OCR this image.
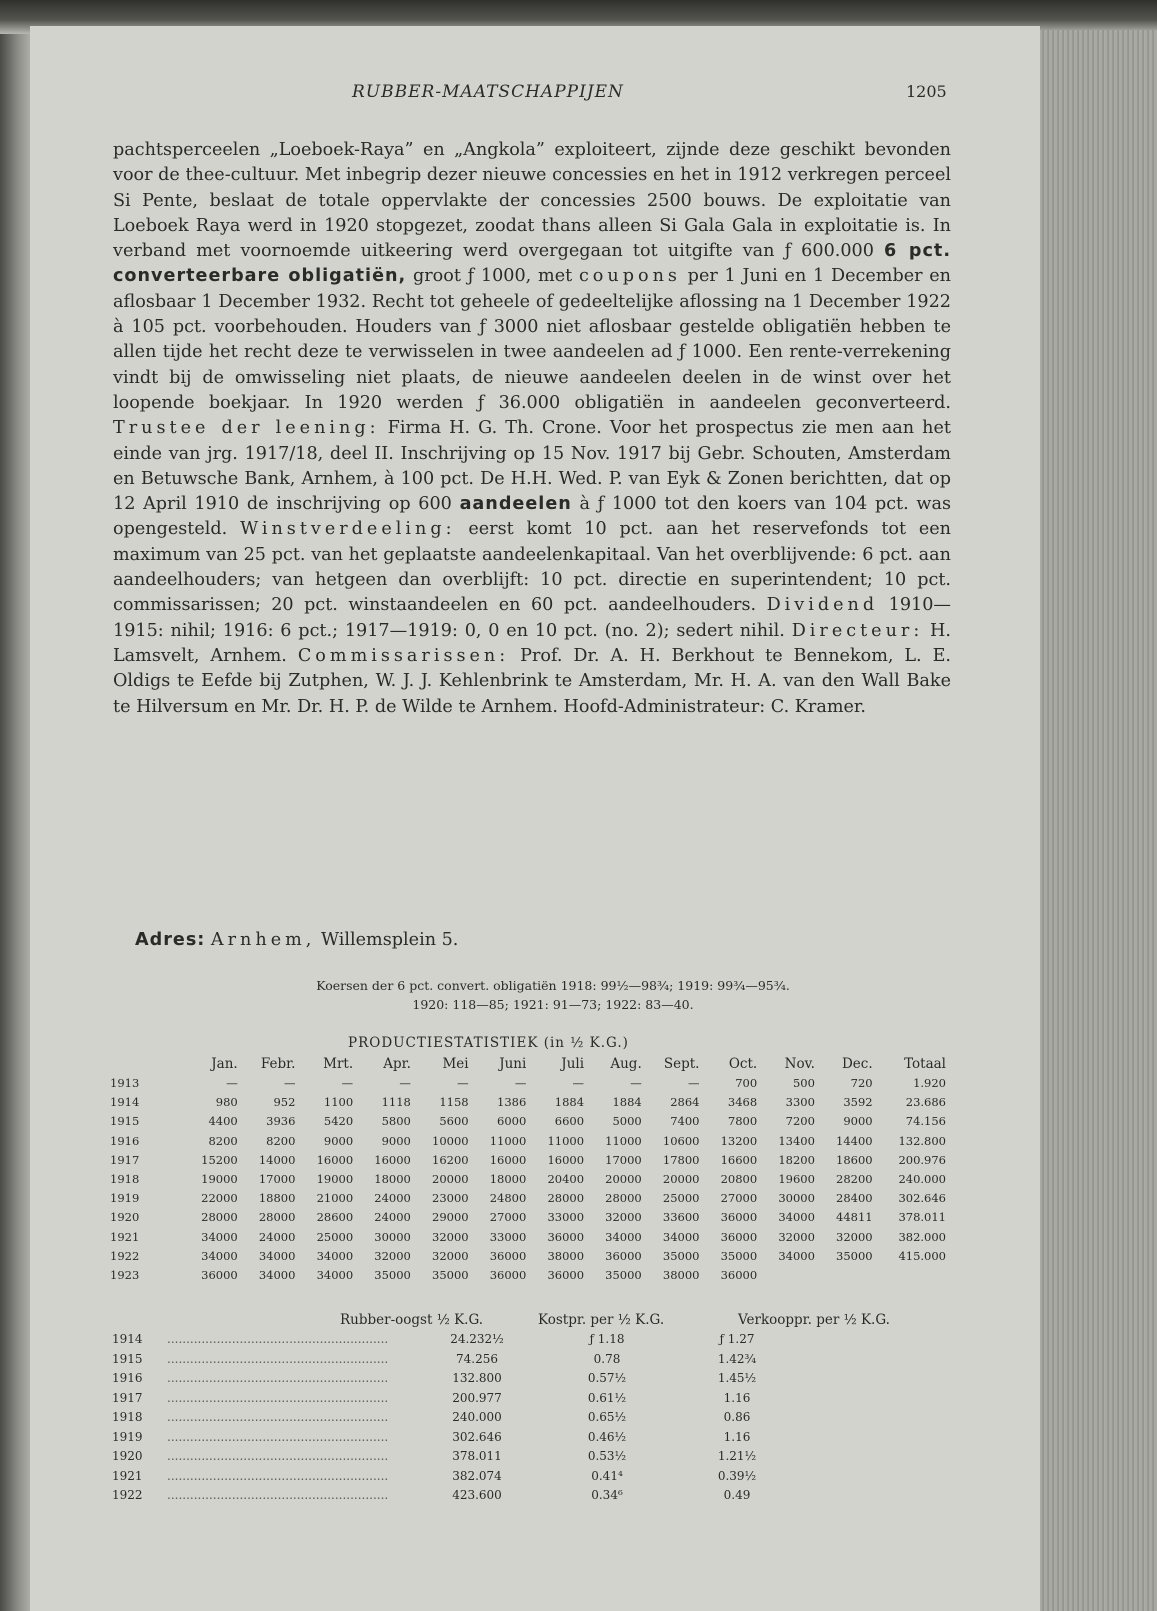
RUBBER-MAATSCHAPPIJEN	1205
pachtsperceelen „Loeboek-Raya” en „Angkola” exploiteert, zijnde deze geschikt bevonden voor de thee-cultuur. Met inbegrip dezer nieuwe concessies en het in 1912 verkregen perceel Si Pente, beslaat de totale oppervlakte der concessies 2500 bouws. De exploitatie van Loeboek Raya werd in 1920 stopgezet, zoodat thans alleen Si Gala Gala in exploitatie is. In verband met voornoemde uitkeering werd overgegaan tot uitgifte van ƒ 600.000 6 pct. converteerbare obligatiën, groot ƒ 1000, met coupons per 1 Juni en 1 December en aflosbaar 1 December 1932. Recht tot geheele of gedeeltelijke aflossing na 1 December 1922 à 105 pct. voorbehouden. Houders van ƒ 3000 niet aflosbaar gestelde obligatiën hebben te allen tijde het recht deze te verwisselen in twee aandeelen ad ƒ 1000. Een rente-verrekening vindt bij de omwisseling niet plaats, de nieuwe aandeelen deelen in de winst over het loopende boekjaar. In 1920 werden ƒ 36.000 obligatiën in aandeelen geconverteerd. Trustee der leening: Firma H. G. Th. Crone. Voor het prospectus zie men aan het einde van jrg. 1917/18, deel II. Inschrijving op 15 Nov. 1917 bij Gebr. Schouten, Amsterdam en Betuwsche Bank, Arnhem, à 100 pct. De H.H. Wed. P. van Eyk & Zonen berichtten, dat op 12 April 1910 de inschrijving op 600 aandeelen à ƒ 1000 tot den koers van 104 pct. was opengesteld. Winstverdeeling: eerst komt 10 pct. aan het reservefonds tot een maximum van 25 pct. van het geplaatste aandeelenkapitaal. Van het overblijvende: 6 pct. aan aandeelhouders; van hetgeen dan overblijft: 10 pct. directie en superintendent; 10 pct. commissarissen; 20 pct. winstaandeelen en 60 pct. aandeelhouders. Dividend 1910—1915: nihil; 1916: 6 pct.; 1917—1919: 0, 0 en 10 pct. (no. 2); sedert nihil. Directeur: H. Lamsvelt, Arnhem. Commissarissen: Prof. Dr. A. H. Berkhout te Bennekom, L. E. Oldigs te Eefde bij Zutphen, W. J. J. Kehlenbrink te Amsterdam, Mr. H. A. van den Wall Bake te Hilversum en Mr. Dr. H. P. de Wilde te Arnhem. Hoofd-Administrateur: C. Kramer.
Adres: Arnhem, Willemsplein 5.
Koersen der 6 pct. convert. obligatiën 1918: 99½—98¾; 1919: 99¾—95¾.
1920: 118—85; 1921: 91—73; 1922: 83—40.
PRODUCTIESTATISTIEK (in ½ K.G.)
	Jan.	Febr.	Mrt.	Apr.	Mei	Juni	Juli	Aug.	Sept.	Oct.	Nov.	Dec.	Totaal
1913	—	—	—	—	—	—	—	—	—	700	500	720	1.920
1914	980	952	1100	1118	1158	1386	1884	1884	2864	3468	3300	3592	23.686
1915	4400	3936	5420	5800	5600	6000	6600	5000	7400	7800	7200	9000	74.156
1916	8200	8200	9000	9000	10000	11000	11000	11000	10600	13200	13400	14400	132.800
1917	15200	14000	16000	16000	16200	16000	16000	17000	17800	16600	18200	18600	200.976
1918	19000	17000	19000	18000	20000	18000	20400	20000	20000	20800	19600	28200	240.000
1919	22000	18800	21000	24000	23000	24800	28000	28000	25000	27000	30000	28400	302.646
1920	28000	28000	28600	24000	29000	27000	33000	32000	33600	36000	34000	44811	378.011
1921	34000	24000	25000	30000	32000	33000	36000	34000	34000	36000	32000	32000	382.000
1922	34000	34000	34000	32000	32000	36000	38000	36000	35000	35000	34000	35000	415.000
1923	36000	34000	34000	35000	35000	36000	36000	35000	38000	36000			
Rubber-oogst ½ K.G.	Kostpr. per ½ K.G.	Verkooppr. per ½ K.G.
1914	..........................................................	24.232½	ƒ 1.18	ƒ 1.27	
1915	..........................................................	74.256	0.78	1.42¾	
1916	..........................................................	132.800	0.57½	1.45½	
1917	..........................................................	200.977	0.61½	1.16	
1918	..........................................................	240.000	0.65½	0.86	
1919	..........................................................	302.646	0.46½	1.16	
1920	..........................................................	378.011	0.53½	1.21½	
1921	..........................................................	382.074	0.41⁴	0.39½	
1922	..........................................................	423.600	0.34⁶	0.49	
